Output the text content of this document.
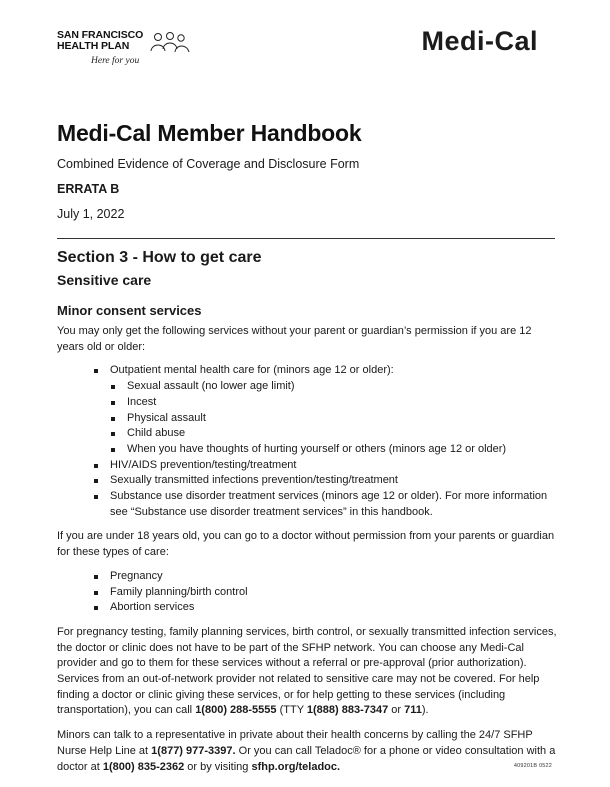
SAN FRANCISCO
HEALTH PLAN
Here for you
Medi-Cal
Medi-Cal Member Handbook
Combined Evidence of Coverage and Disclosure Form
ERRATA B
July 1, 2022
Section 3 - How to get care
Sensitive care
Minor consent services

You may only get the following services without your parent or guardian’s permission if you are 12 years old or older:

Outpatient mental health care for (minors age 12 or older):
Sexual assault (no lower age limit)
Incest
Physical assault
Child abuse
When you have thoughts of hurting yourself or others (minors age 12 or older)
HIV/AIDS prevention/testing/treatment
Sexually transmitted infections prevention/testing/treatment
Substance use disorder treatment services (minors age 12 or older). For more information see “Substance use disorder treatment services” in this handbook.

If you are under 18 years old, you can go to a doctor without permission from your parents or guardian for these types of care:

Pregnancy
Family planning/birth control
Abortion services

For pregnancy testing, family planning services, birth control, or sexually transmitted infection services, the doctor or clinic does not have to be part of the SFHP network. You can choose any Medi-Cal provider and go to them for these services without a referral or pre-approval (prior authorization). Services from an out-of-network provider not related to sensitive care may not be covered. For help finding a doctor or clinic giving these services, or for help getting to these services (including transportation), you can call 1(800) 288-5555 (TTY 1(888) 883-7347 or 711).

Minors can talk to a representative in private about their health concerns by calling the 24/7 SFHP Nurse Help Line at 1(877) 977-3397. Or you can call Teladoc® for a phone or video consultation with a doctor at 1(800) 835-2362 or by visiting sfhp.org/teladoc.	409201B 0522
